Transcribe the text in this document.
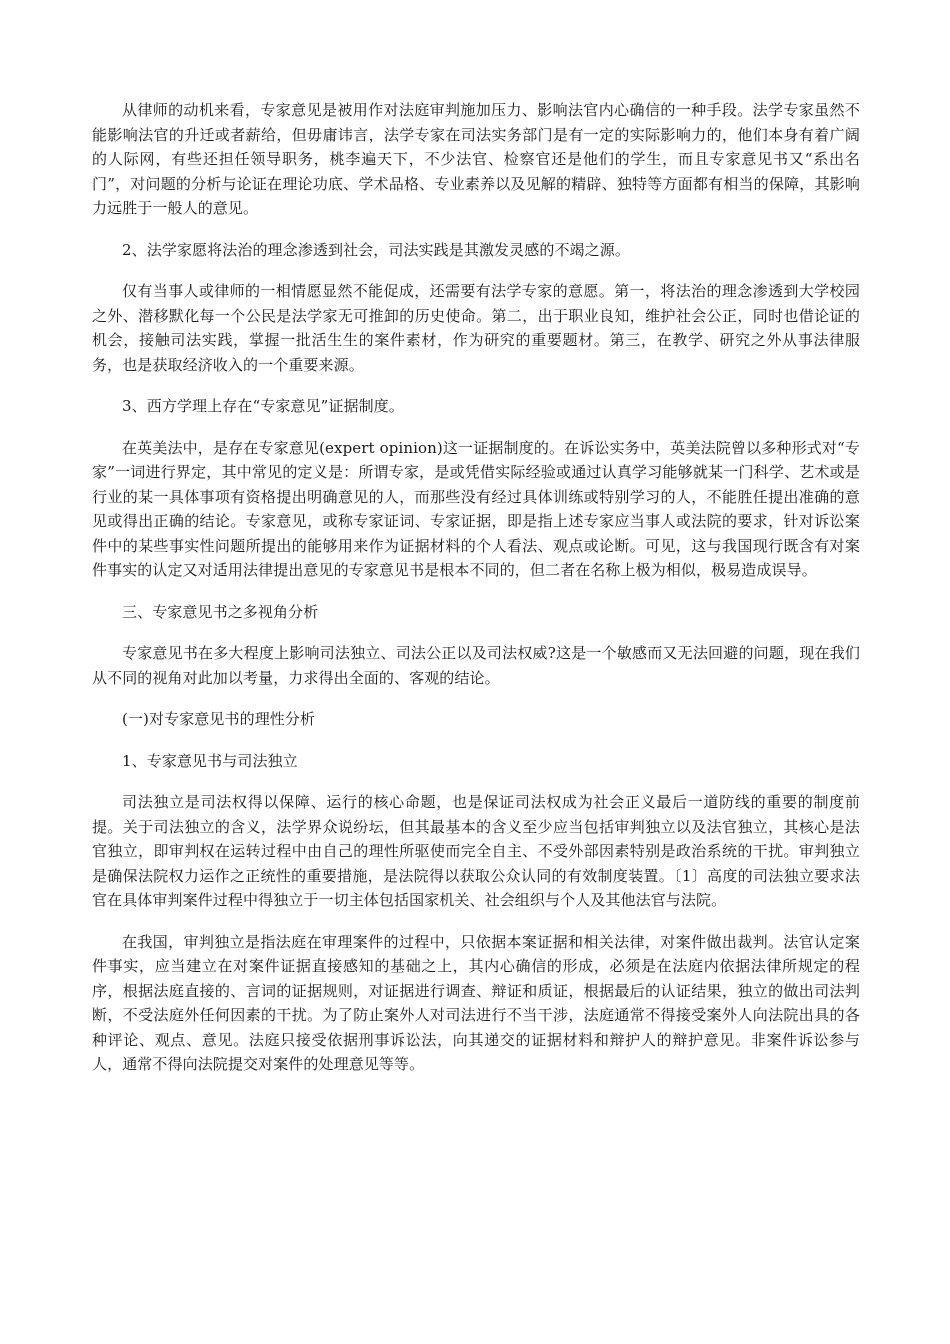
从律师的动机来看，专家意见是被用作对法庭审判施加压力、影响法官内心确信的一种手段。法学专家虽然不能影响法官的升迁或者薪给，但毋庸讳言，法学专家在司法实务部门是有一定的实际影响力的，他们本身有着广阔的人际网，有些还担任领导职务，桃李遍天下，不少法官、检察官还是他们的学生，而且专家意见书又“系出名门”，对问题的分析与论证在理论功底、学术品格、专业素养以及见解的精辟、独特等方面都有相当的保障，其影响力远胜于一般人的意见。

2、法学家愿将法治的理念渗透到社会，司法实践是其激发灵感的不竭之源。

仅有当事人或律师的一相情愿显然不能促成，还需要有法学专家的意愿。第一，将法治的理念渗透到大学校园之外、潜移默化每一个公民是法学家无可推卸的历史使命。第二，出于职业良知，维护社会公正，同时也借论证的机会，接触司法实践，掌握一批活生生的案件素材，作为研究的重要题材。第三，在教学、研究之外从事法律服务，也是获取经济收入的一个重要来源。

3、西方学理上存在“专家意见”证据制度。

在英美法中，是存在专家意见(expert opinion)这一证据制度的。在诉讼实务中，英美法院曾以多种形式对“专家”一词进行界定，其中常见的定义是：所谓专家，是或凭借实际经验或通过认真学习能够就某一门科学、艺术或是行业的某一具体事项有资格提出明确意见的人，而那些没有经过具体训练或特别学习的人，不能胜任提出准确的意见或得出正确的结论。专家意见，或称专家证词、专家证据，即是指上述专家应当事人或法院的要求，针对诉讼案件中的某些事实性问题所提出的能够用来作为证据材料的个人看法、观点或论断。可见，这与我国现行既含有对案件事实的认定又对适用法律提出意见的专家意见书是根本不同的，但二者在名称上极为相似，极易造成误导。

三、专家意见书之多视角分析

专家意见书在多大程度上影响司法独立、司法公正以及司法权威?这是一个敏感而又无法回避的问题，现在我们从不同的视角对此加以考量，力求得出全面的、客观的结论。

(一)对专家意见书的理性分析

1、专家意见书与司法独立

司法独立是司法权得以保障、运行的核心命题，也是保证司法权成为社会正义最后一道防线的重要的制度前提。关于司法独立的含义，法学界众说纷坛，但其最基本的含义至少应当包括审判独立以及法官独立，其核心是法官独立，即审判权在运转过程中由自己的理性所驱使而完全自主、不受外部因素特别是政治系统的干扰。审判独立是确保法院权力运作之正统性的重要措施，是法院得以获取公众认同的有效制度装置。〔1〕高度的司法独立要求法官在具体审判案件过程中得独立于一切主体包括国家机关、社会组织与个人及其他法官与法院。

在我国，审判独立是指法庭在审理案件的过程中，只依据本案证据和相关法律，对案件做出裁判。法官认定案件事实，应当建立在对案件证据直接感知的基础之上，其内心确信的形成，必须是在法庭内依据法律所规定的程序，根据法庭直接的、言词的证据规则，对证据进行调查、辩证和质证，根据最后的认证结果，独立的做出司法判断，不受法庭外任何因素的干扰。为了防止案外人对司法进行不当干涉，法庭通常不得接受案外人向法院出具的各种评论、观点、意见。法庭只接受依据刑事诉讼法，向其递交的证据材料和辩护人的辩护意见。非案件诉讼参与人，通常不得向法院提交对案件的处理意见等等。
